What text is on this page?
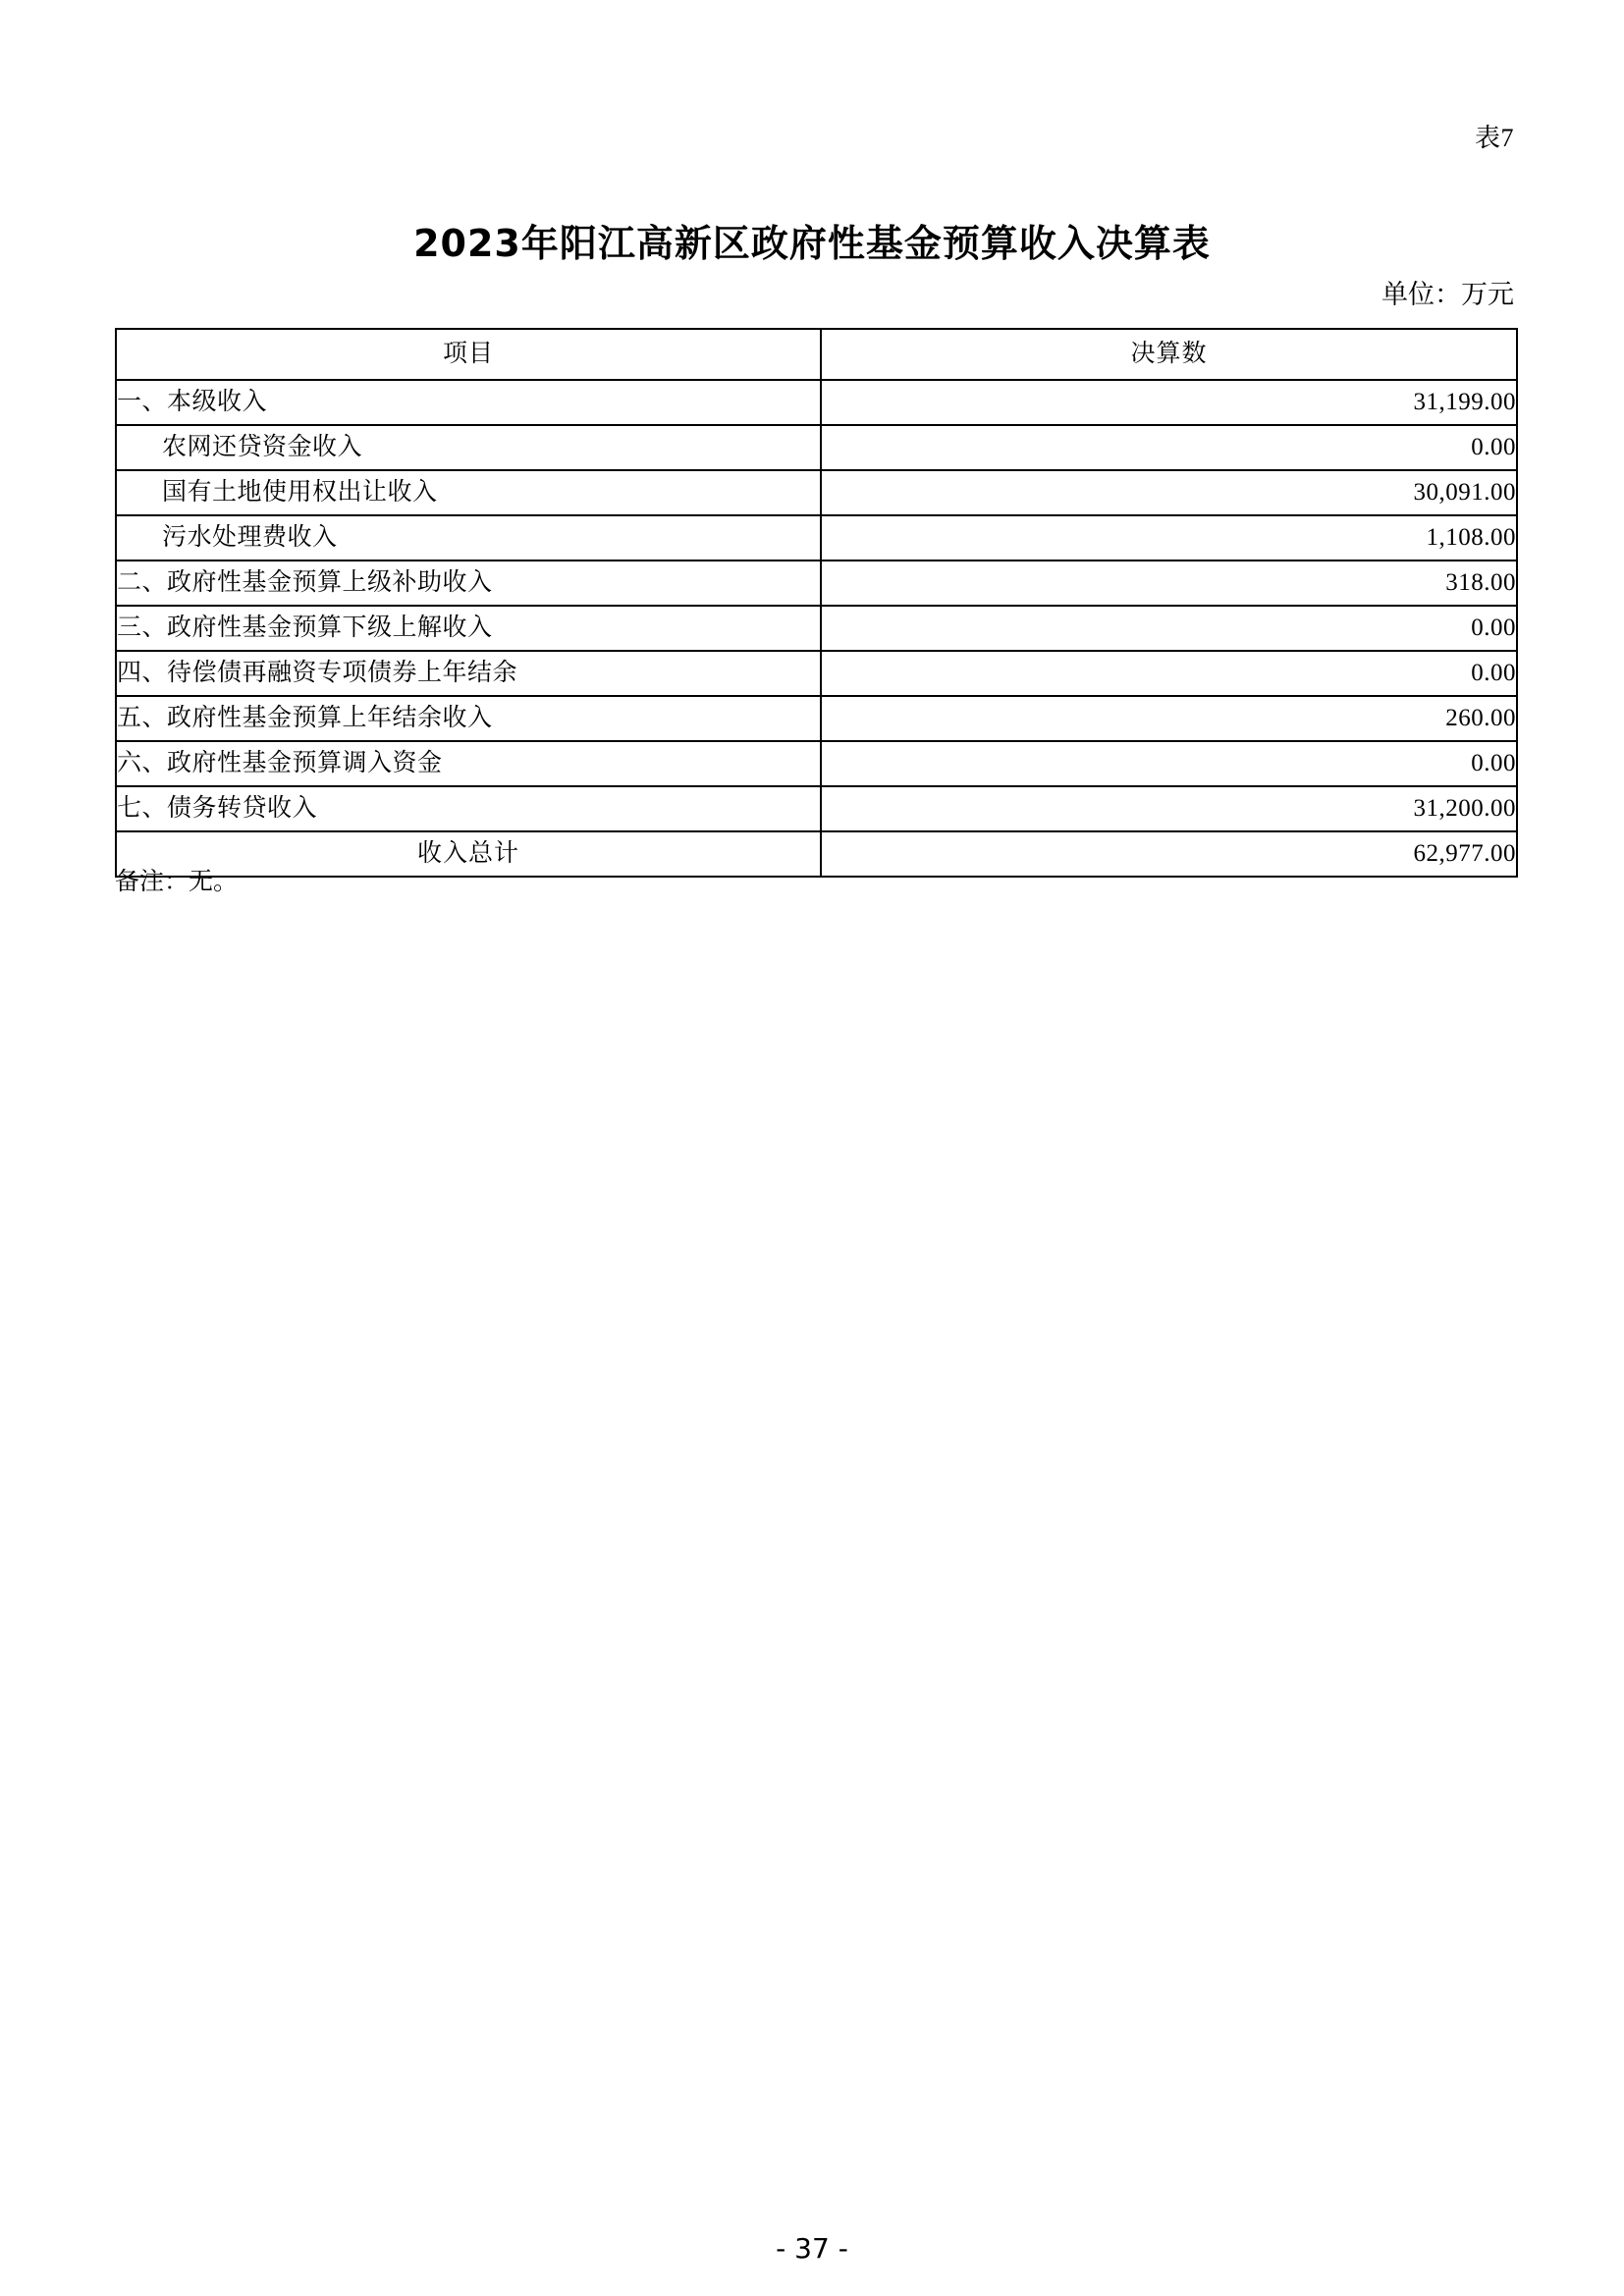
表7
2023年阳江高新区政府性基金预算收入决算表
单位：万元
项目	决算数

一、本级收入	31,199.00
农网还贷资金收入	0.00
国有土地使用权出让收入	30,091.00
污水处理费收入	1,108.00
二、政府性基金预算上级补助收入	318.00
三、政府性基金预算下级上解收入	0.00
四、待偿债再融资专项债券上年结余	0.00
五、政府性基金预算上年结余收入	260.00
六、政府性基金预算调入资金	0.00
七、债务转贷收入	31,200.00
收入总计	62,977.00
备注：无。
- 37 -
